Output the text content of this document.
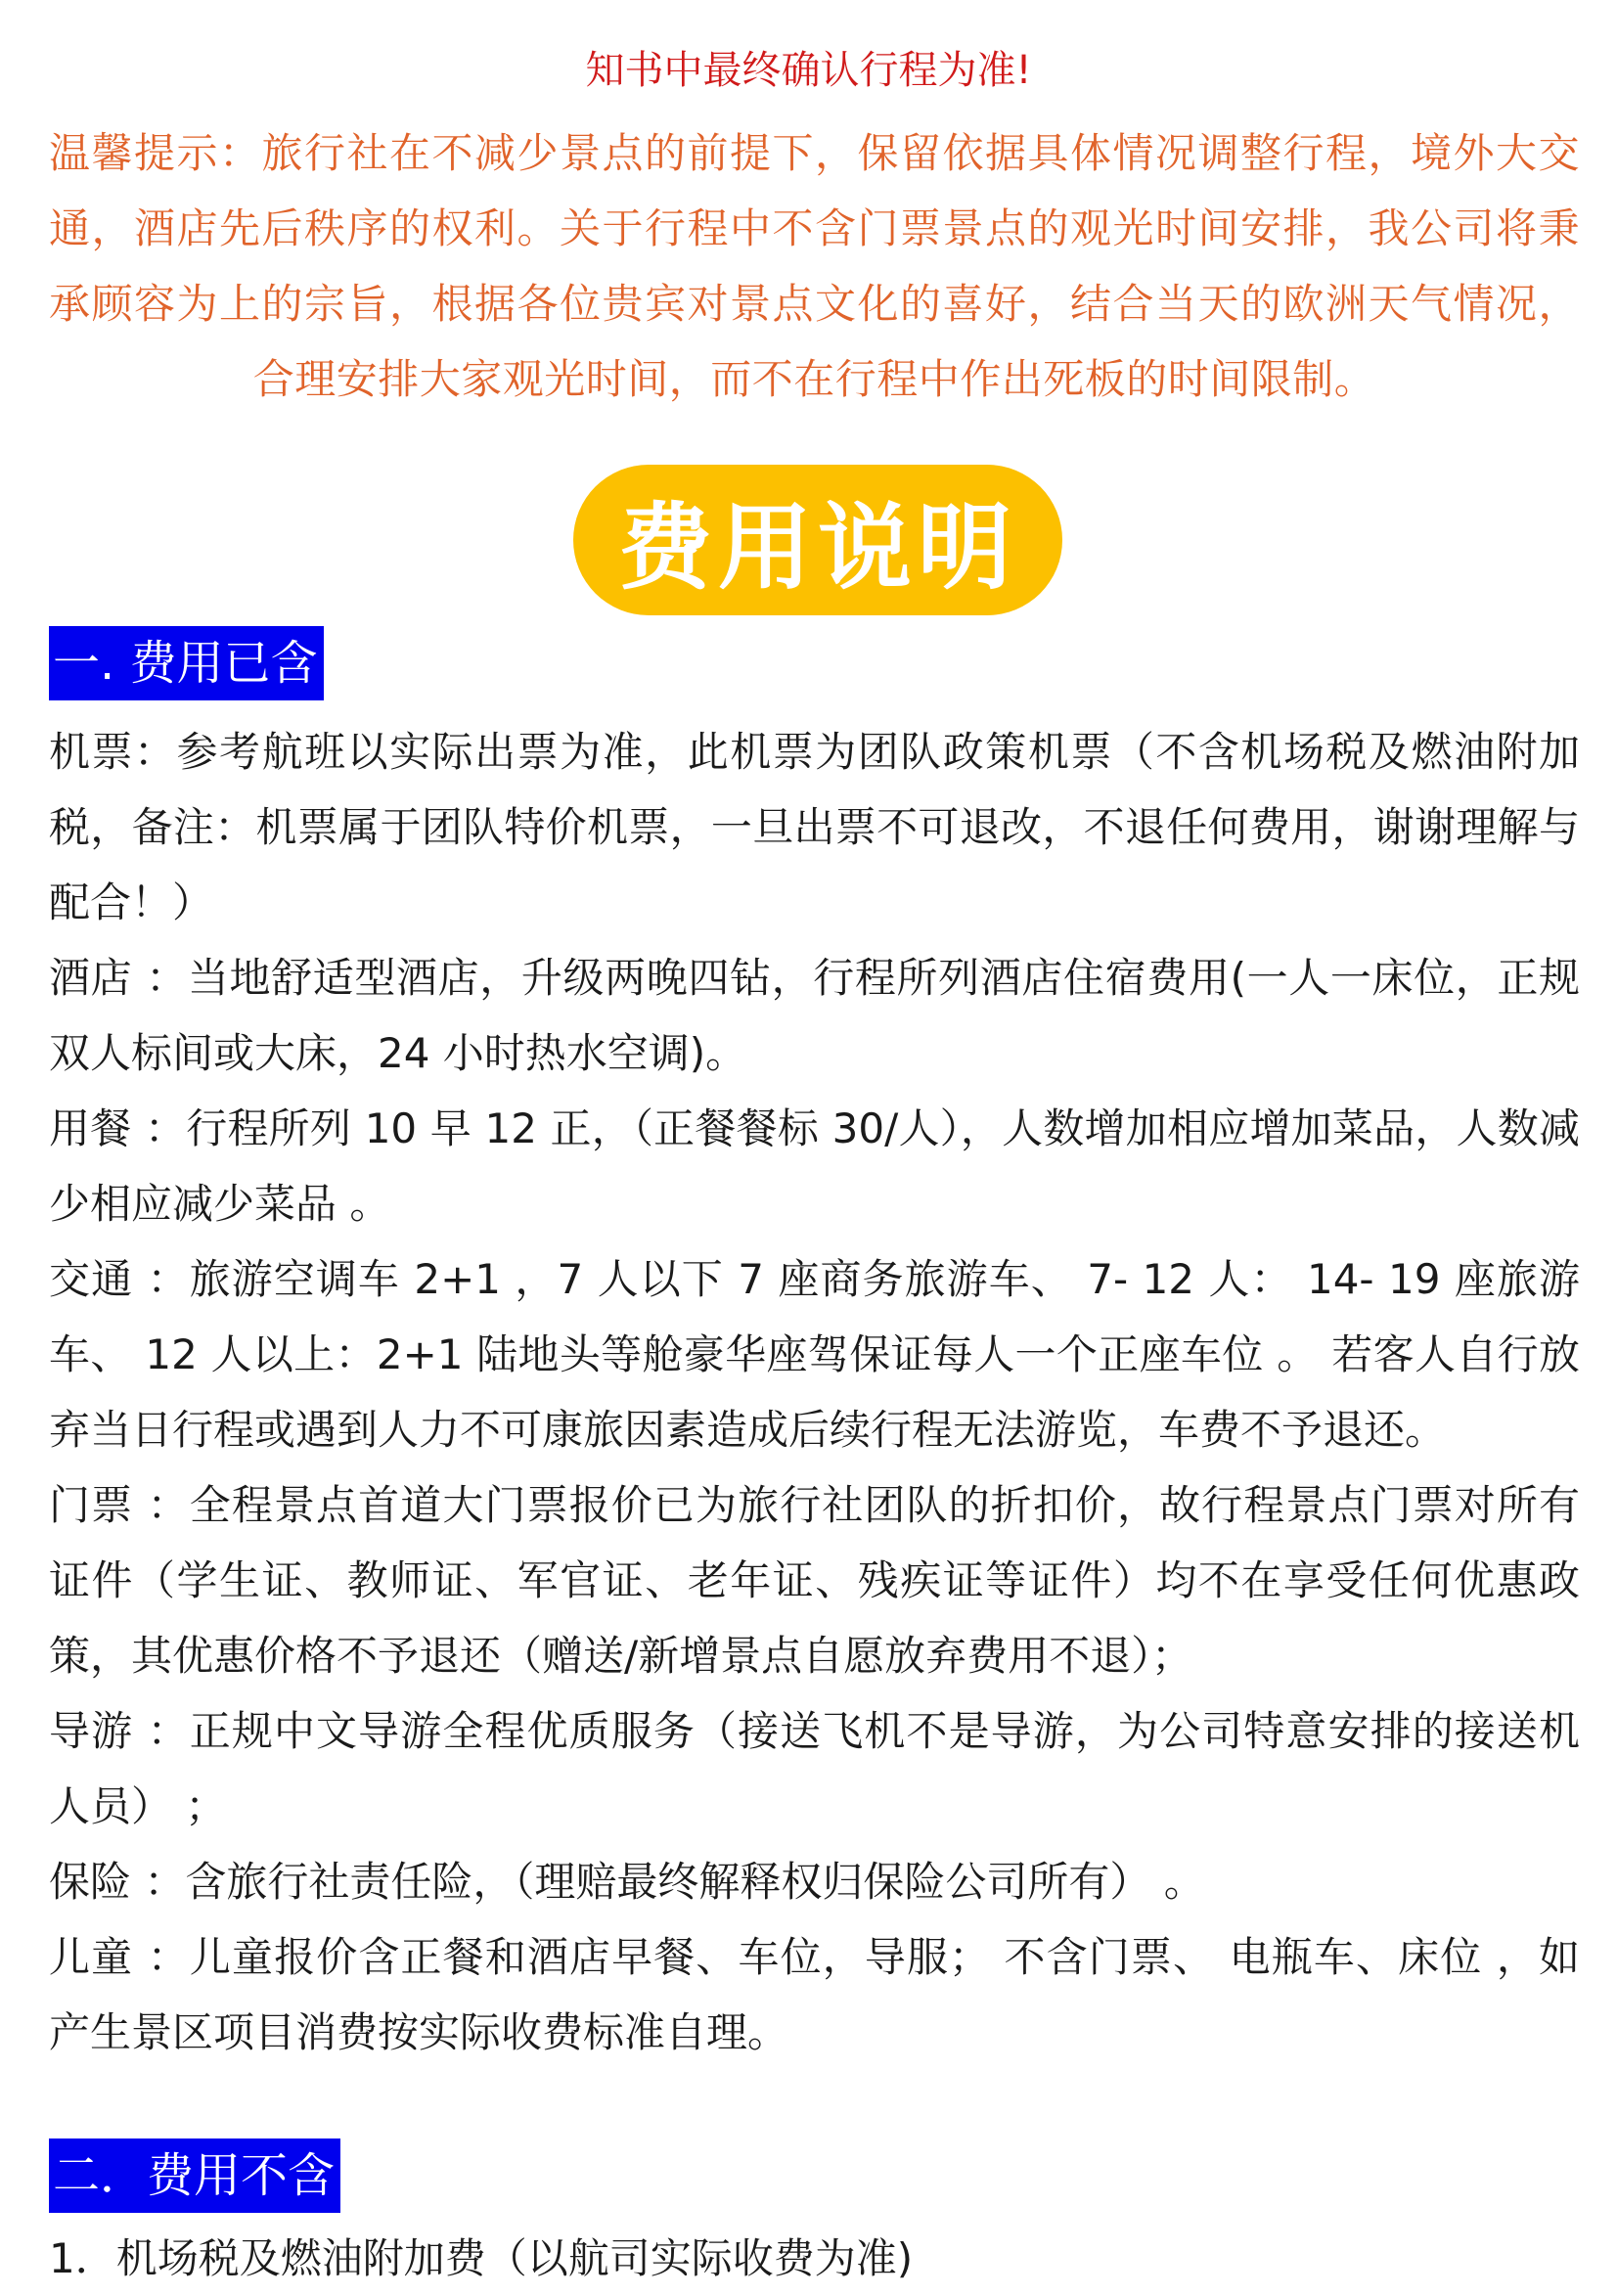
知书中最终确认行程为准!
温馨提示：旅行社在不减少景点的前提下，保留依据具体情况调整行程，境外大交通，酒店先后秩序的权利。关于行程中不含门票景点的观光时间安排，我公司将秉承顾容为上的宗旨，根据各位贵宾对景点文化的喜好，结合当天的欧洲天气情况，合理安排大家观光时间，而不在行程中作出死板的时间限制。
费用说明
一. 费用已含

机票：参考航班以实际出票为准，此机票为团队政策机票（不含机场税及燃油附加税，备注：机票属于团队特价机票，一旦出票不可退改，不退任何费用，谢谢理解与配合！）

酒店 ：当地舒适型酒店，升级两晚四钻，行程所列酒店住宿费用(一人一床位，正规双人标间或大床，24 小时热水空调)。

用餐 ：行程所列 10 早 12 正，（正餐餐标 30/人），人数增加相应增加菜品，人数减少相应减少菜品 。

交通 ：旅游空调车 2+1 ，7 人以下 7 座商务旅游车、 7- 12 人： 14- 19 座旅游车、 12 人以上：2+1 陆地头等舱豪华座驾保证每人一个正座车位 。 若客人自行放弃当日行程或遇到人力不可康旅因素造成后续行程无法游览，车费不予退还。

门票 ：全程景点首道大门票报价已为旅行社团队的折扣价，故行程景点门票对所有证件（学生证、教师证、军官证、老年证、残疾证等证件）均不在享受任何优惠政策，其优惠价格不予退还（赠送/新增景点自愿放弃费用不退）；

导游 ：正规中文导游全程优质服务（接送飞机不是导游，为公司特意安排的接送机人员） ；

保险 ：含旅行社责任险，（理赔最终解释权归保险公司所有） 。

儿童 ：儿童报价含正餐和酒店早餐、车位，导服； 不含门票、 电瓶车、床位 ，如产生景区项目消费按实际收费标准自理。

二．费用不含
1．机场税及燃油附加费（以航司实际收费为准)
